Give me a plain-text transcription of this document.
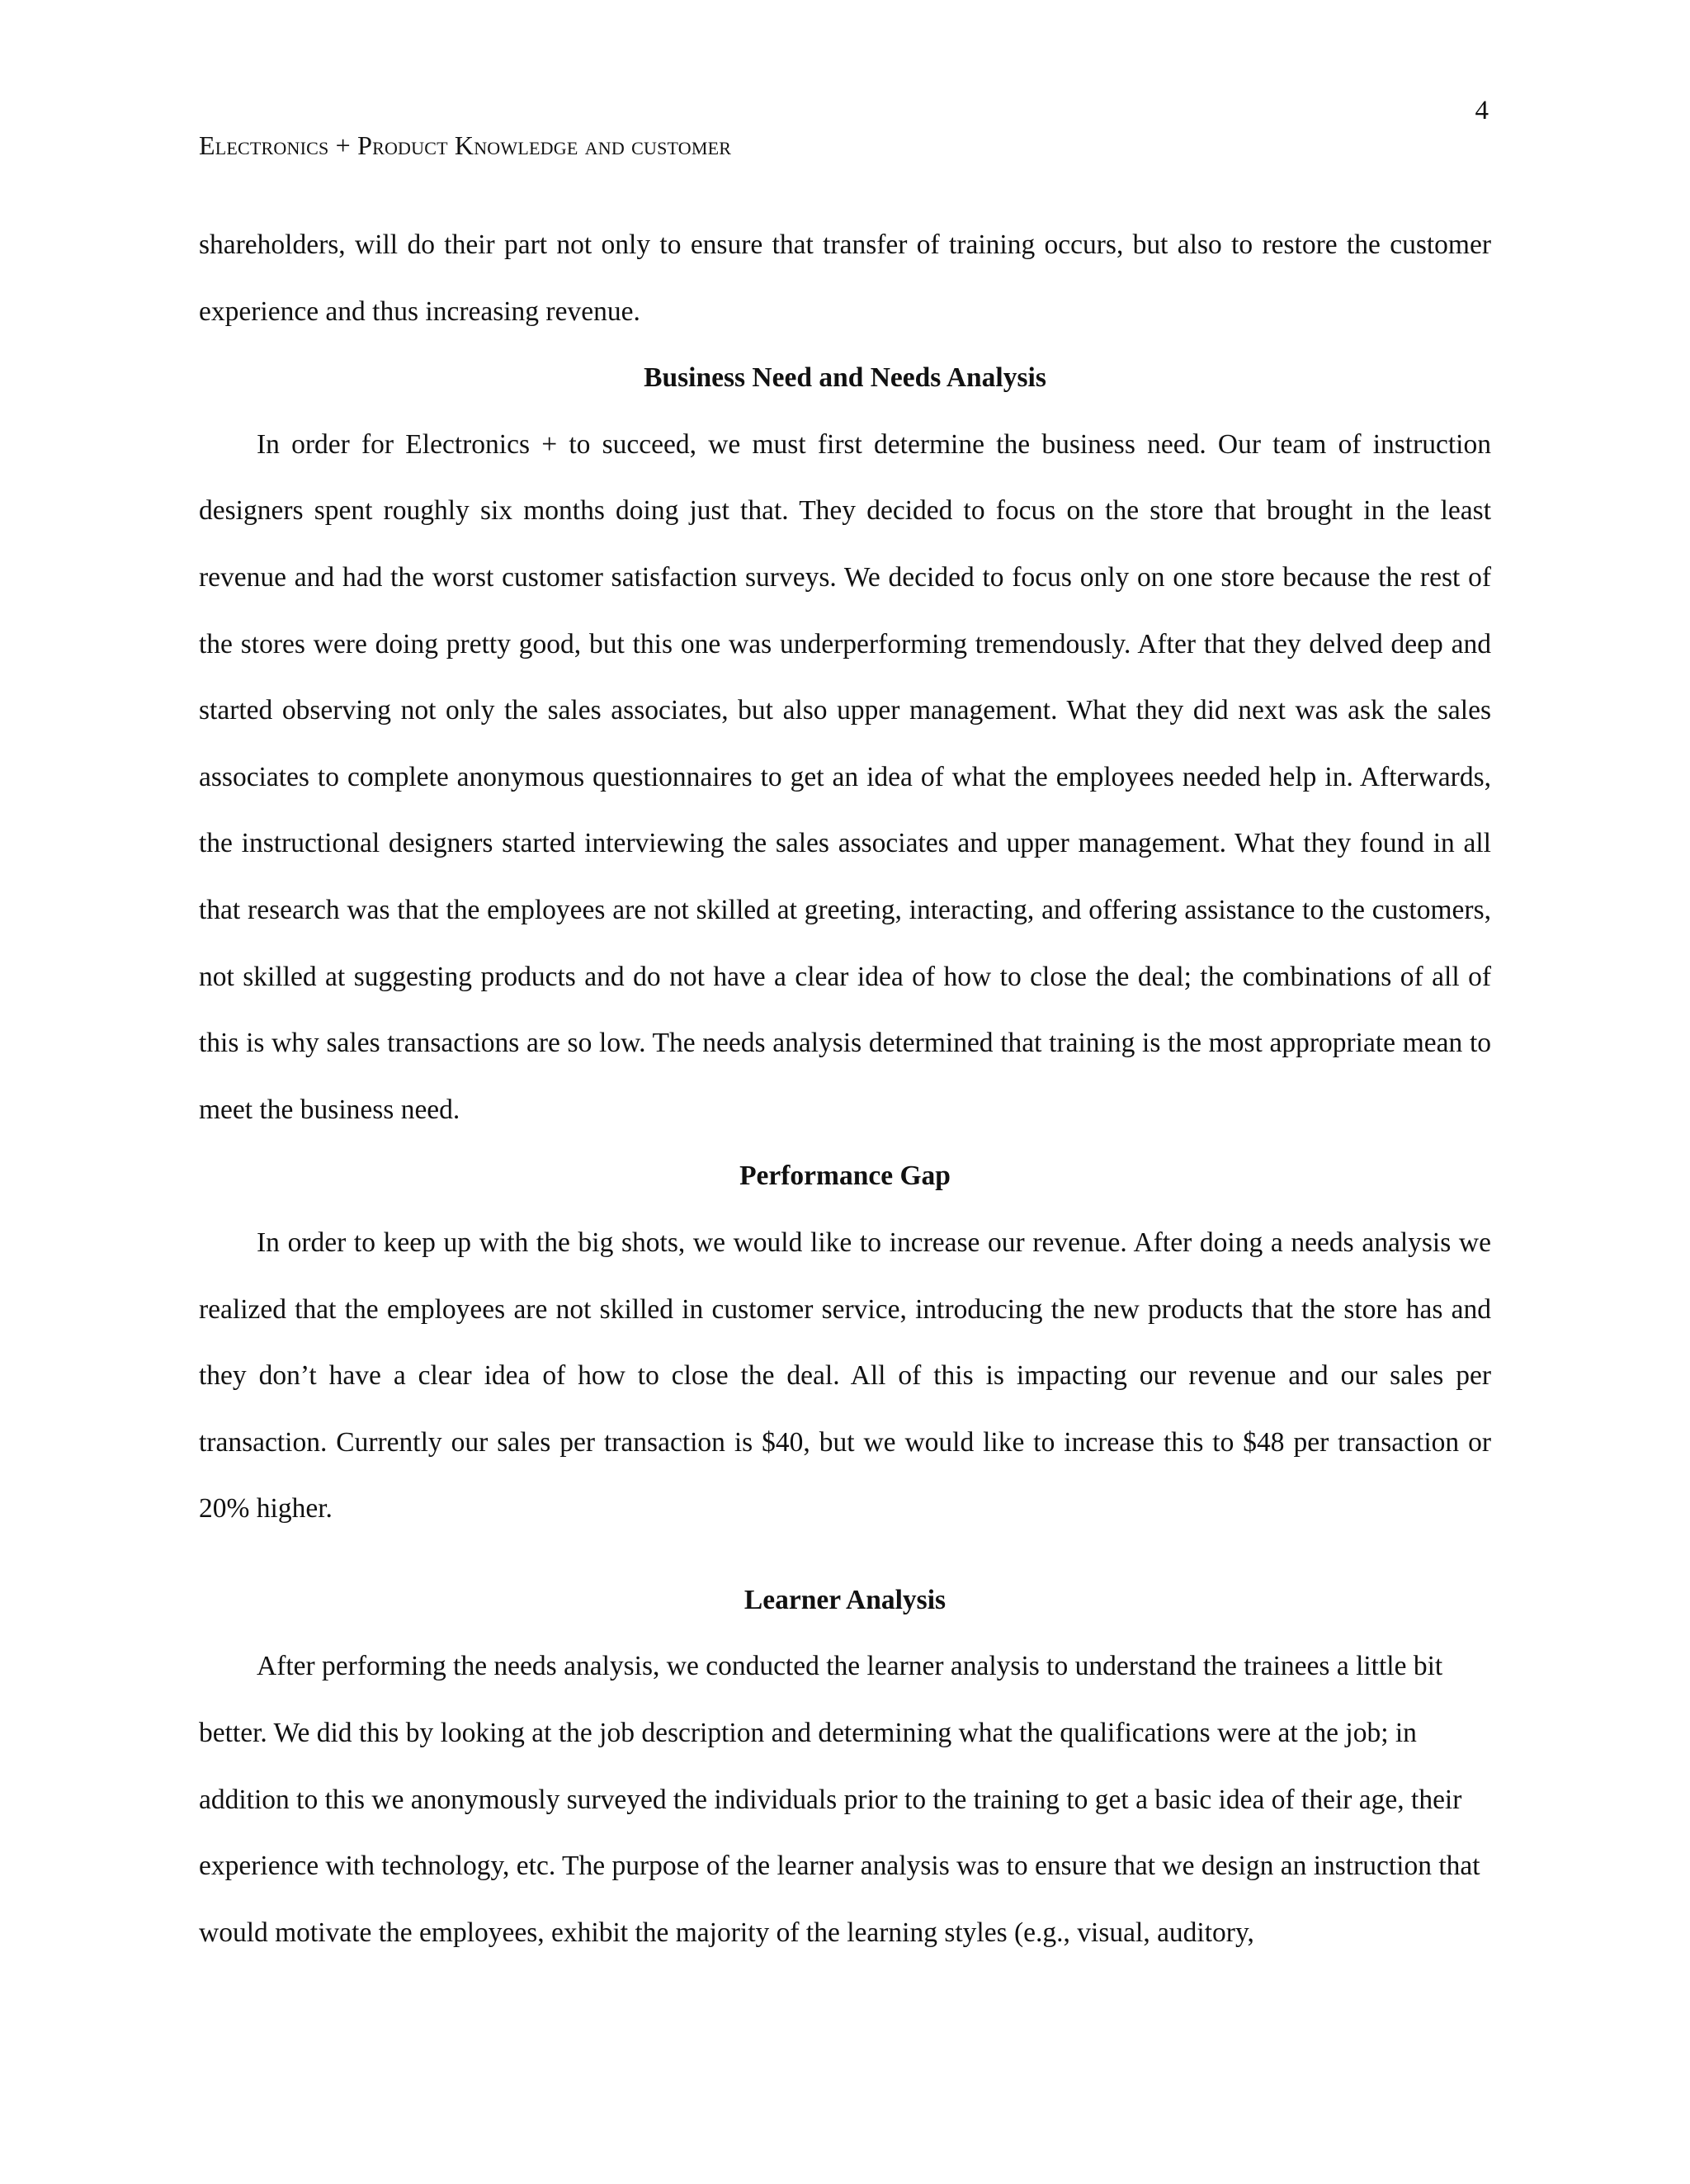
4
Electronics + Product Knowledge and customer

shareholders, will do their part not only to ensure that transfer of training occurs, but also to restore the customer experience and thus increasing revenue.

Business Need and Needs Analysis

In order for Electronics + to succeed, we must first determine the business need. Our team of instruction designers spent roughly six months doing just that. They decided to focus on the store that brought in the least revenue and had the worst customer satisfaction surveys. We decided to focus only on one store because the rest of the stores were doing pretty good, but this one was underperforming tremendously. After that they delved deep and started observing not only the sales associates, but also upper management. What they did next was ask the sales associates to complete anonymous questionnaires to get an idea of what the employees needed help in. Afterwards, the instructional designers started interviewing the sales associates and upper management. What they found in all that research was that the employees are not skilled at greeting, interacting, and offering assistance to the customers, not skilled at suggesting products and do not have a clear idea of how to close the deal; the combinations of all of this is why sales transactions are so low. The needs analysis determined that training is the most appropriate mean to meet the business need.

Performance Gap

In order to keep up with the big shots, we would like to increase our revenue. After doing a needs analysis we realized that the employees are not skilled in customer service, introducing the new products that the store has and they don’t have a clear idea of how to close the deal. All of this is impacting our revenue and our sales per transaction. Currently our sales per transaction is $40, but we would like to increase this to $48 per transaction or 20% higher.

Learner Analysis

After performing the needs analysis, we conducted the learner analysis to understand the trainees a little bit better. We did this by looking at the job description and determining what the qualifications were at the job; in addition to this we anonymously surveyed the individuals prior to the training to get a basic idea of their age, their experience with technology, etc. The purpose of the learner analysis was to ensure that we design an instruction that would motivate the employees, exhibit the majority of the learning styles (e.g., visual, auditory,
